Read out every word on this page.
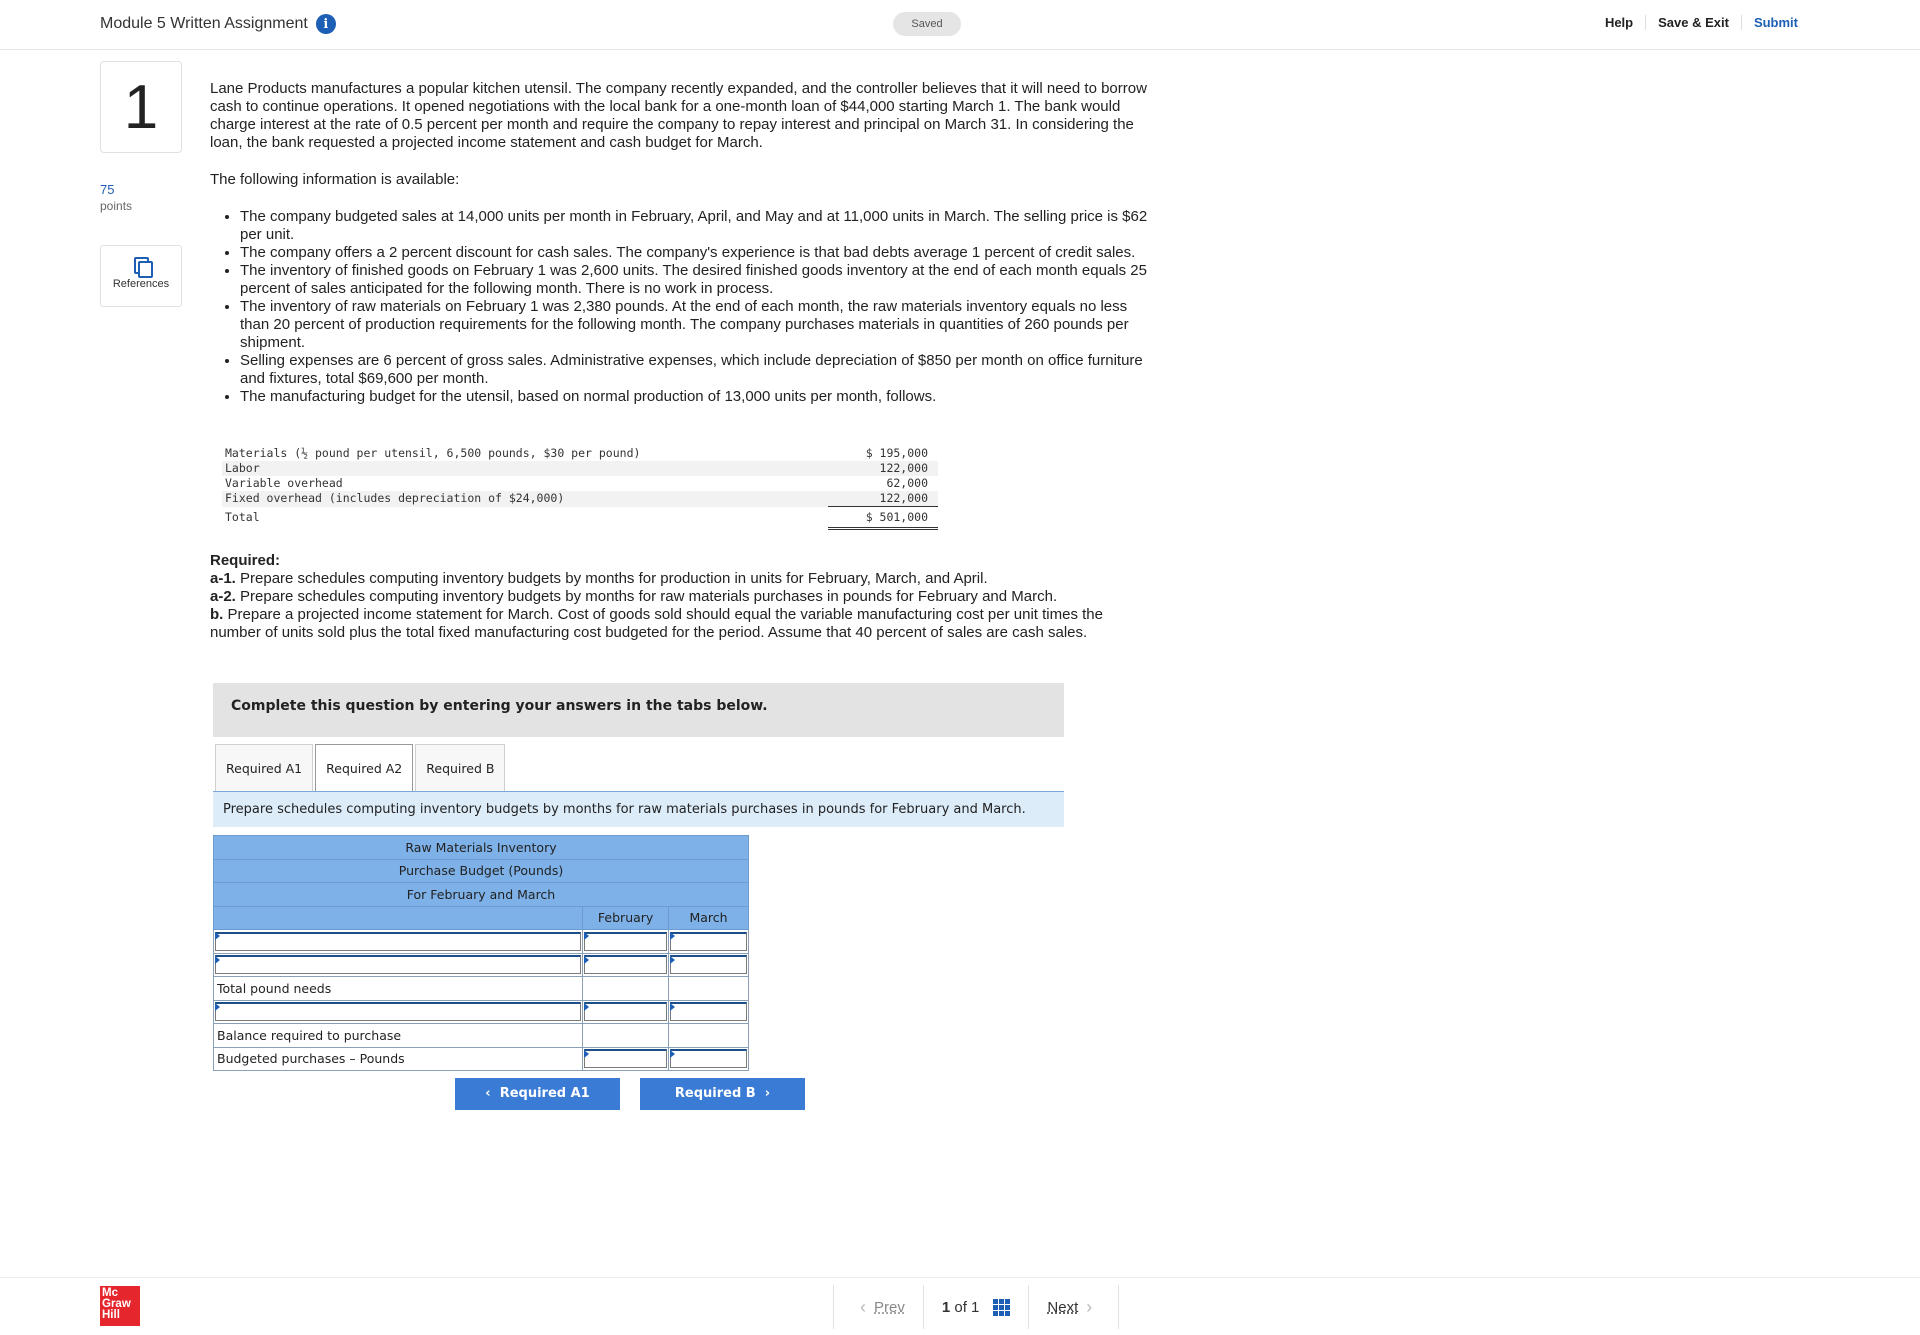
Module 5 Written Assignment	i	Saved	Help	Save & Exit	Submit
1
75
points
References

Lane Products manufactures a popular kitchen utensil. The company recently expanded, and the controller believes that it will need to borrow cash to continue operations. It opened negotiations with the local bank for a one-month loan of $44,000 starting March 1. The bank would charge interest at the rate of 0.5 percent per month and require the company to repay interest and principal on March 31. In considering the loan, the bank requested a projected income statement and cash budget for March.

The following information is available:

• The company budgeted sales at 14,000 units per month in February, April, and May and at 11,000 units in March. The selling price is $62 per unit.
• The company offers a 2 percent discount for cash sales. The company's experience is that bad debts average 1 percent of credit sales.
• The inventory of finished goods on February 1 was 2,600 units. The desired finished goods inventory at the end of each month equals 25 percent of sales anticipated for the following month. There is no work in process.
• The inventory of raw materials on February 1 was 2,380 pounds. At the end of each month, the raw materials inventory equals no less than 20 percent of production requirements for the following month. The company purchases materials in quantities of 260 pounds per shipment.
• Selling expenses are 6 percent of gross sales. Administrative expenses, which include depreciation of $850 per month on office furniture and fixtures, total $69,600 per month.
• The manufacturing budget for the utensil, based on normal production of 13,000 units per month, follows.
Materials (½ pound per utensil, 6,500 pounds, $30 per pound)	$ 195,000
Labor	122,000
Variable overhead	62,000
Fixed overhead (includes depreciation of $24,000)	122,000
Total	$ 501,000

Required:

a-1. Prepare schedules computing inventory budgets by months for production in units for February, March, and April.

a-2. Prepare schedules computing inventory budgets by months for raw materials purchases in pounds for February and March.

b. Prepare a projected income statement for March. Cost of goods sold should equal the variable manufacturing cost per unit times the number of units sold plus the total fixed manufacturing cost budgeted for the period. Assume that 40 percent of sales are cash sales.

Complete this question by entering your answers in the tabs below.
Required A1	Required A2	Required B
Prepare schedules computing inventory budgets by months for raw materials purchases in pounds for February and March.
Raw Materials Inventory		
Purchase Budget (Pounds)		
For February and March		
	February	March

Total pound needs		

Balance required to purchase		
Budgeted purchases – Pounds		
‹  Required A1	Required B  ›
Mc
Graw
Hill	‹ Prev 1
of
1	Next ›
